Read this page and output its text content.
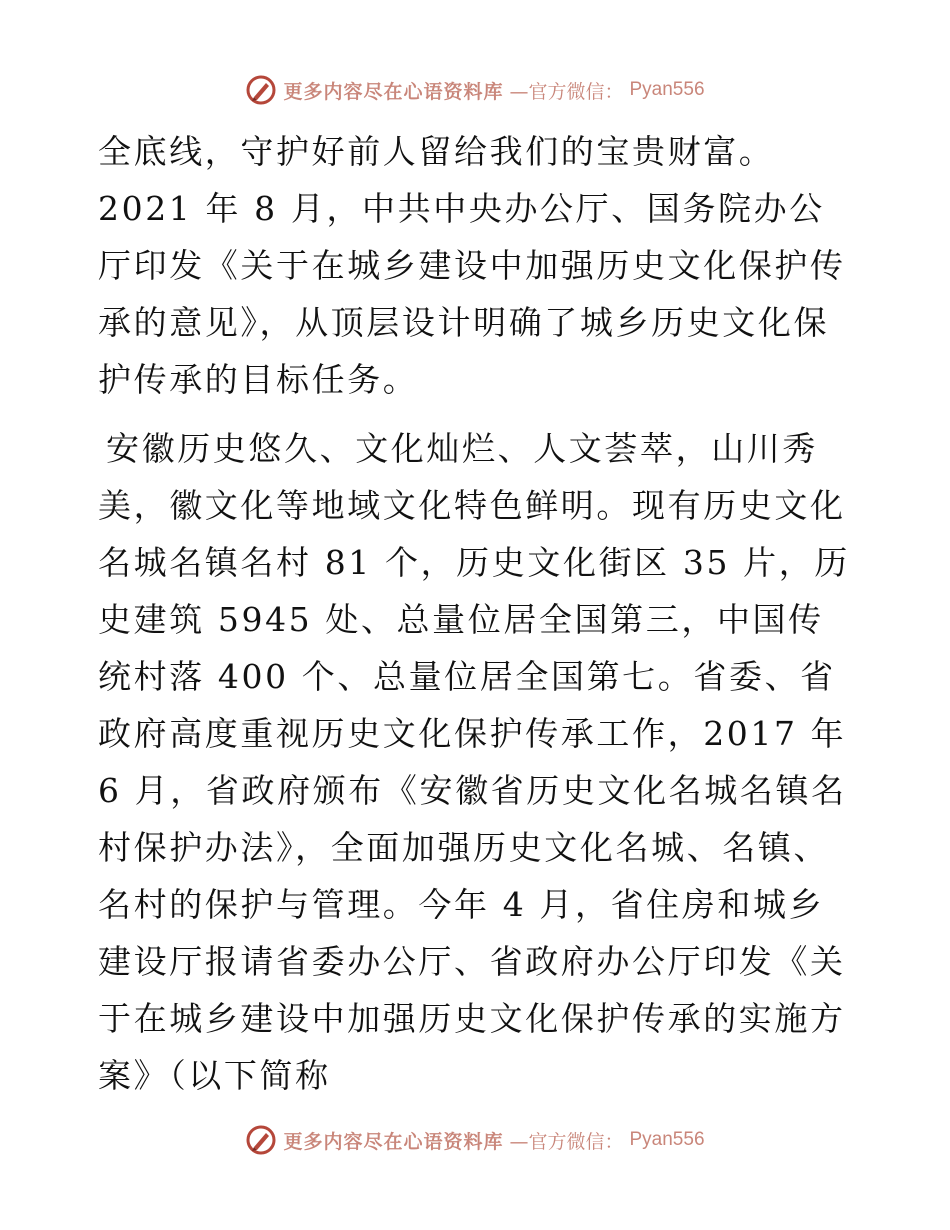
更多内容尽在心语资料库 —官方微信： Pyan556

全底线，守护好前人留给我们的宝贵财富。2021 年 8 月，中共中央办公厅、国务院办公厅印发《关于在城乡建设中加强历史文化保护传承的意见》，从顶层设计明确了城乡历史文化保护传承的目标任务。

安徽历史悠久、文化灿烂、人文荟萃，山川秀美，徽文化等地域文化特色鲜明。现有历史文化名城名镇名村 81 个，历史文化街区 35 片，历史建筑 5945 处、总量位居全国第三，中国传统村落 400 个、总量位居全国第七。省委、省政府高度重视历史文化保护传承工作，2017 年 6 月，省政府颁布《安徽省历史文化名城名镇名村保护办法》，全面加强历史文化名城、名镇、名村的保护与管理。今年 4 月，省住房和城乡建设厅报请省委办公厅、省政府办公厅印发《关于在城乡建设中加强历史文化保护传承的实施方案》（以下简称

更多内容尽在心语资料库 —官方微信： Pyan556
